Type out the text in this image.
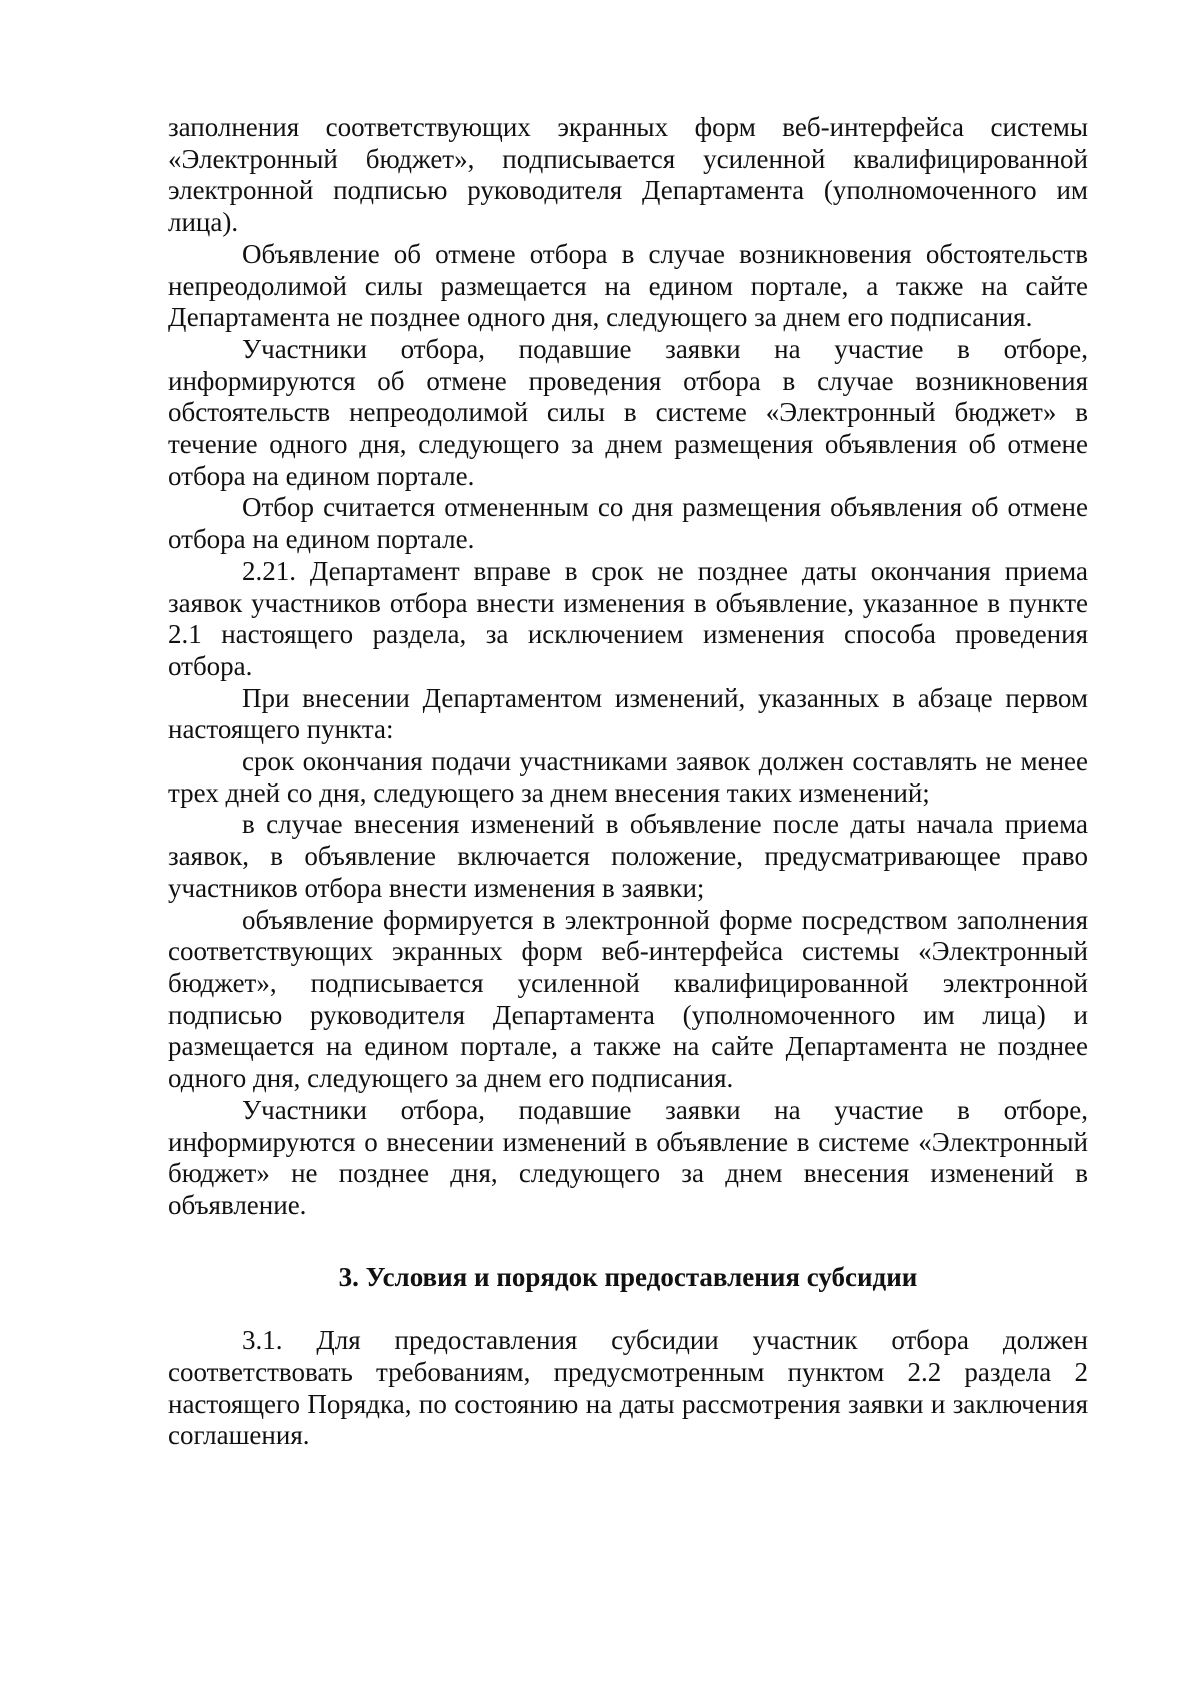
заполнения соответствующих экранных форм веб-интерфейса системы «Электронный бюджет», подписывается усиленной квалифицированной электронной подписью руководителя Департамента (уполномоченного им лица).

Объявление об отмене отбора в случае возникновения обстоятельств непреодолимой силы размещается на едином портале, а также на сайте Департамента не позднее одного дня, следующего за днем его подписания.

Участники отбора, подавшие заявки на участие в отборе, информируются об отмене проведения отбора в случае возникновения обстоятельств непреодолимой силы в системе «Электронный бюджет» в течение одного дня, следующего за днем размещения объявления об отмене отбора на едином портале.

Отбор считается отмененным со дня размещения объявления об отмене отбора на едином портале.

2.21. Департамент вправе в срок не позднее даты окончания приема заявок участников отбора внести изменения в объявление, указанное в пункте 2.1 настоящего раздела, за исключением изменения способа проведения отбора.

При внесении Департаментом изменений, указанных в абзаце первом настоящего пункта:

срок окончания подачи участниками заявок должен составлять не менее трех дней со дня, следующего за днем внесения таких изменений;

в случае внесения изменений в объявление после даты начала приема заявок, в объявление включается положение, предусматривающее право участников отбора внести изменения в заявки;

объявление формируется в электронной форме посредством заполнения соответствующих экранных форм веб-интерфейса системы «Электронный бюджет», подписывается усиленной квалифицированной электронной подписью руководителя Департамента (уполномоченного им лица) и размещается на едином портале, а также на сайте Департамента не позднее одного дня, следующего за днем его подписания.

Участники отбора, подавшие заявки на участие в отборе, информируются о внесении изменений в объявление в системе «Электронный бюджет» не позднее дня, следующего за днем внесения изменений в объявление.

3. Условия и порядок предоставления субсидии

3.1. Для предоставления субсидии участник отбора должен соответствовать требованиям, предусмотренным пунктом 2.2 раздела 2 настоящего Порядка, по состоянию на даты рассмотрения заявки и заключения соглашения.
